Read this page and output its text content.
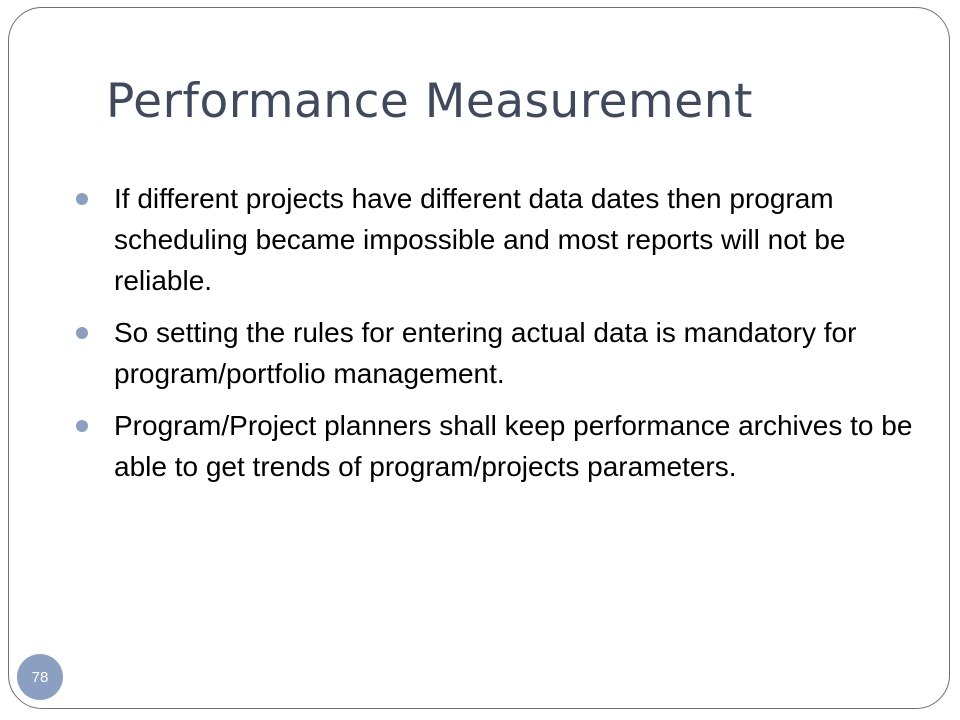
Performance Measurement
If different projects have different data dates then program scheduling became impossible and most reports will not be reliable.
So setting the rules for entering actual data is mandatory for program/portfolio management.
Program/Project planners shall keep performance archives to be able to get trends of program/projects parameters.
78
